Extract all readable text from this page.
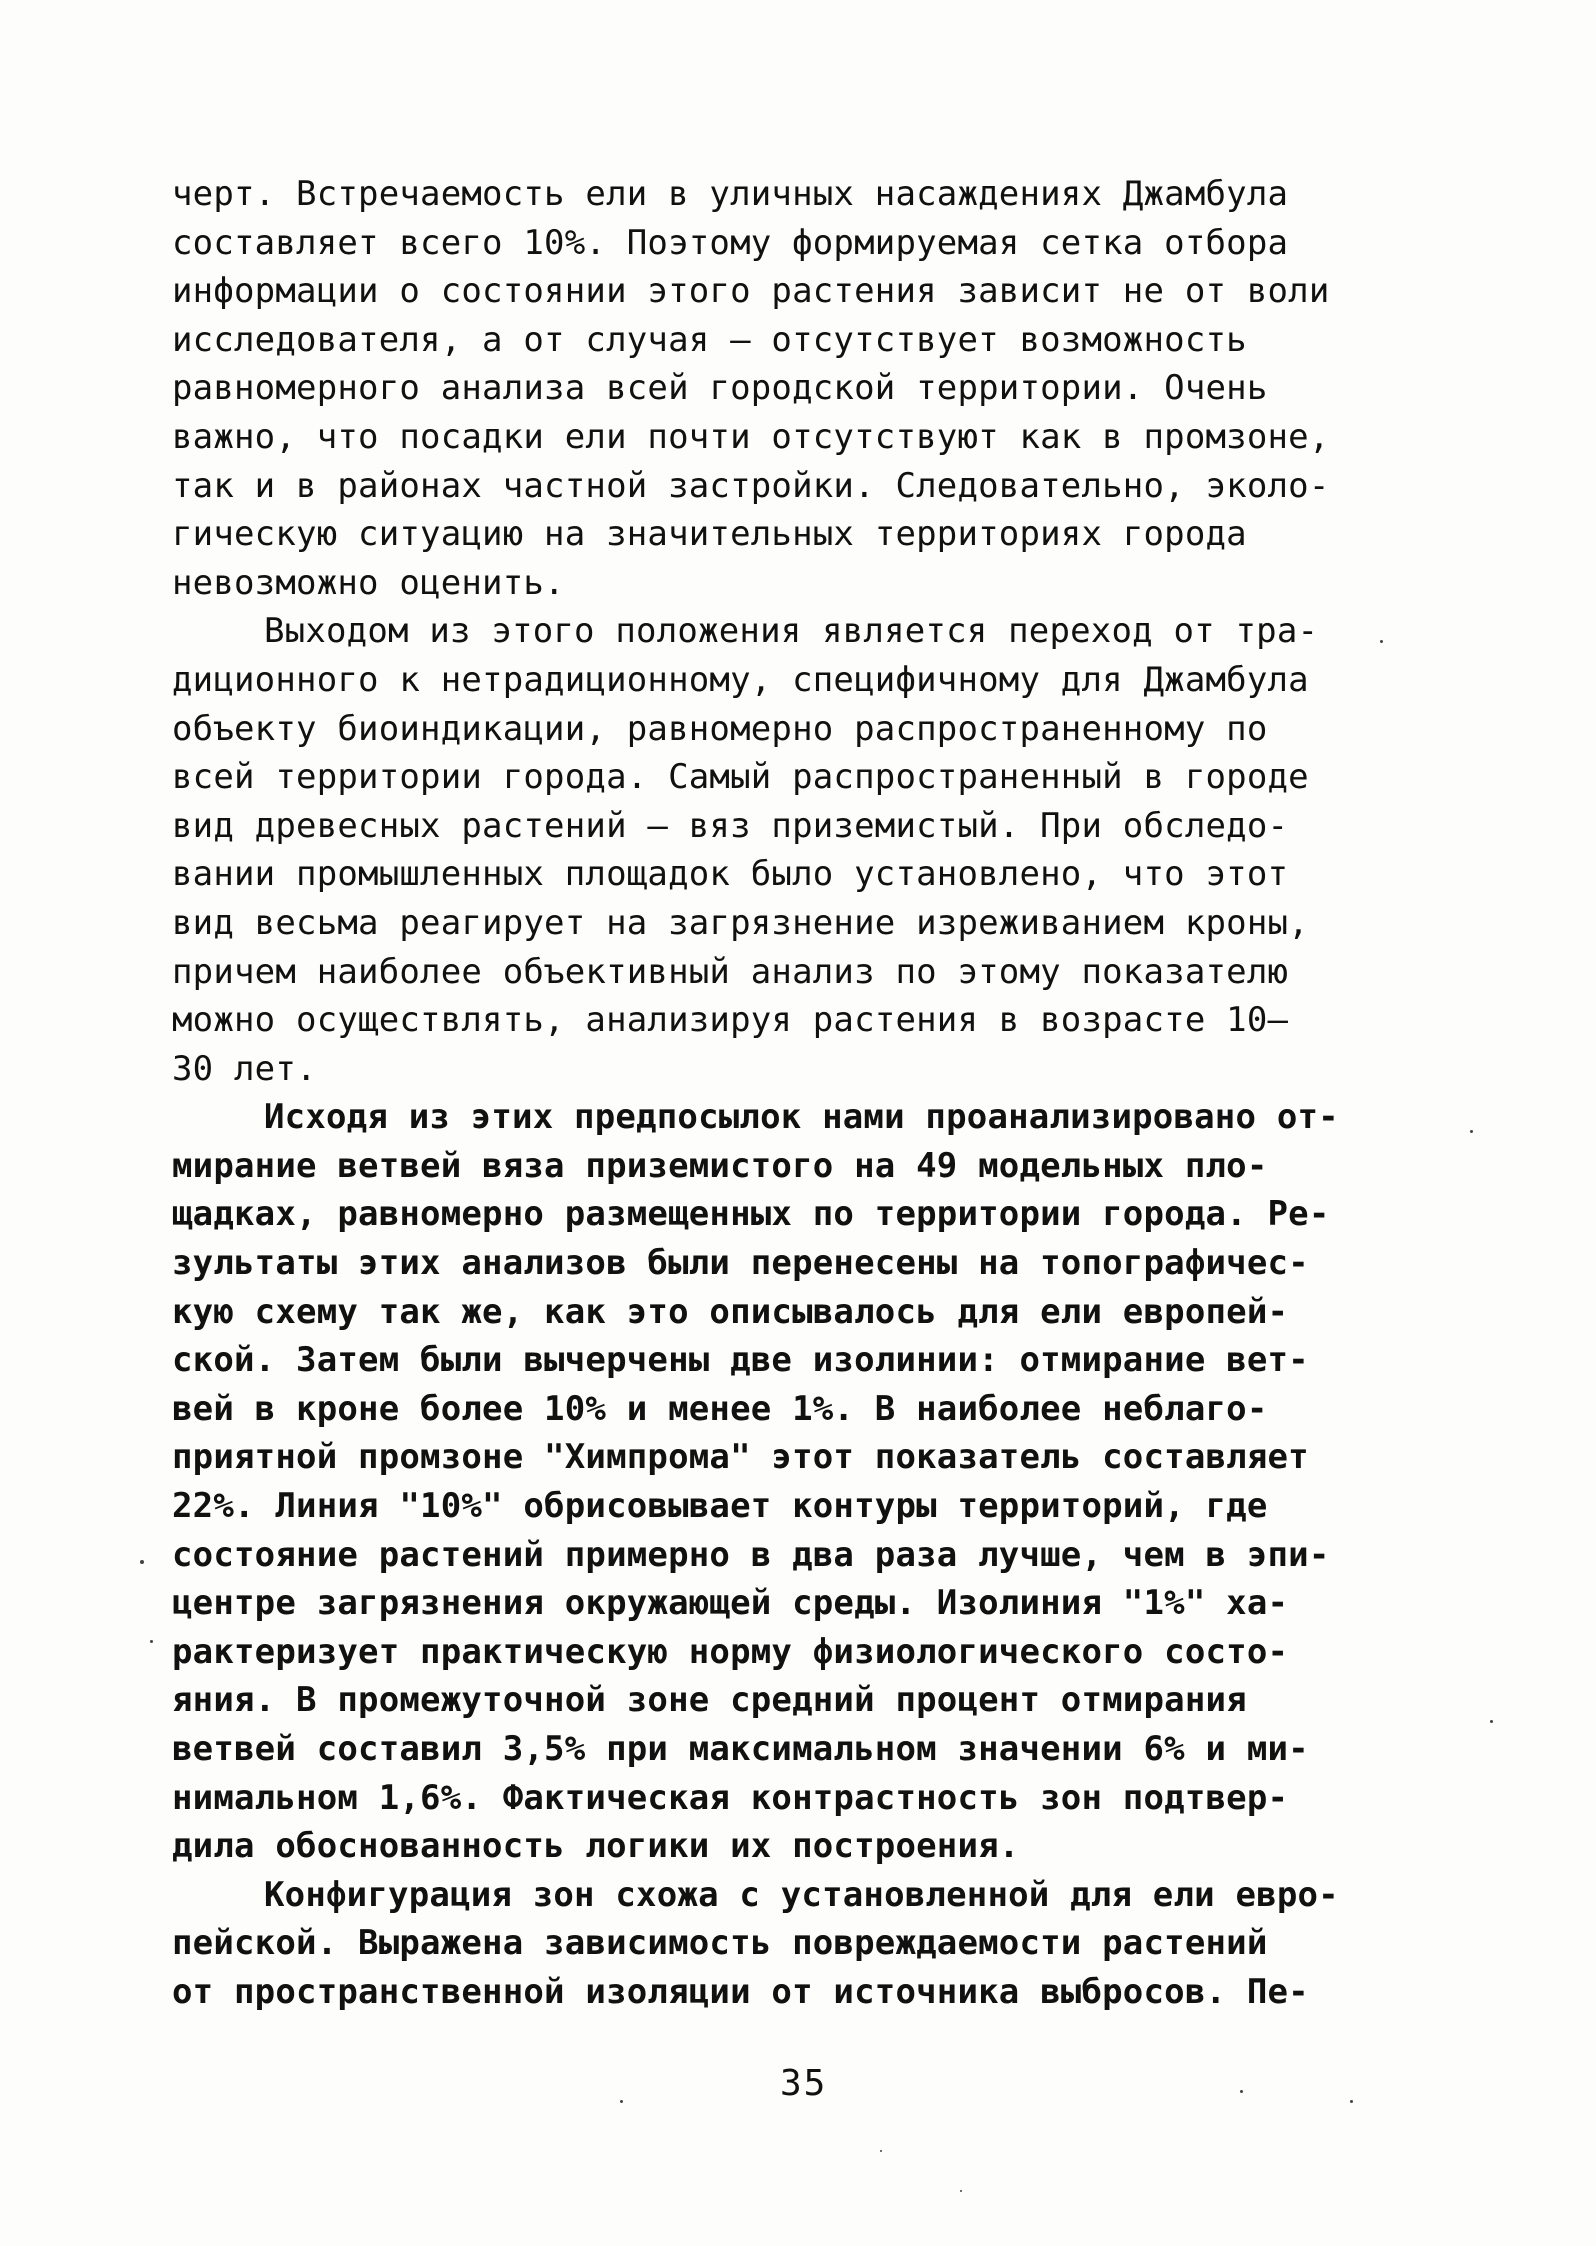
черт. Встречаемость ели в уличных насаждениях Джамбула
составляет всего 10%. Поэтому формируемая сетка отбора
информации о состоянии этого растения зависит не от воли
исследователя, а от случая – отсутствует возможность
равномерного анализа всей городской территории. Очень
важно, что посадки ели почти отсутствуют как в промзоне,
так и в районах частной застройки. Следовательно, эколо-
гическую ситуацию на значительных территориях города
невозможно оценить.
Выходом из этого положения является переход от тра-
диционного к нетрадиционному, специфичному для Джамбула
объекту биоиндикации, равномерно распространенному по
всей территории города. Самый распространенный в городе
вид древесных растений – вяз приземистый. При обследо-
вании промышленных площадок было установлено, что этот
вид весьма реагирует на загрязнение изреживанием кроны,
причем наиболее объективный анализ по этому показателю
можно осуществлять, анализируя растения в возрасте 10–
30 лет.
Исходя из этих предпосылок нами проанализировано от-
мирание ветвей вяза приземистого на 49 модельных пло-
щадках, равномерно размещенных по территории города. Ре-
зультаты этих анализов были перенесены на топографичес-
кую схему так же, как это описывалось для ели европей-
ской. Затем были вычерчены две изолинии: отмирание вет-
вей в кроне более 10% и менее 1%. В наиболее неблаго-
приятной промзоне "Химпрома" этот показатель составляет
22%. Линия "10%" обрисовывает контуры территорий, где
состояние растений примерно в два раза лучше, чем в эпи-
центре загрязнения окружающей среды. Изолиния "1%" ха-
рактеризует практическую норму физиологического состо-
яния. В промежуточной зоне средний процент отмирания
ветвей составил 3,5% при максимальном значении 6% и ми-
нимальном 1,6%. Фактическая контрастность зон подтвер-
дила обоснованность логики их построения.
Конфигурация зон схожа с установленной для ели евро-
пейской. Выражена зависимость повреждаемости растений
от пространственной изоляции от источника выбросов. Пе-
35
